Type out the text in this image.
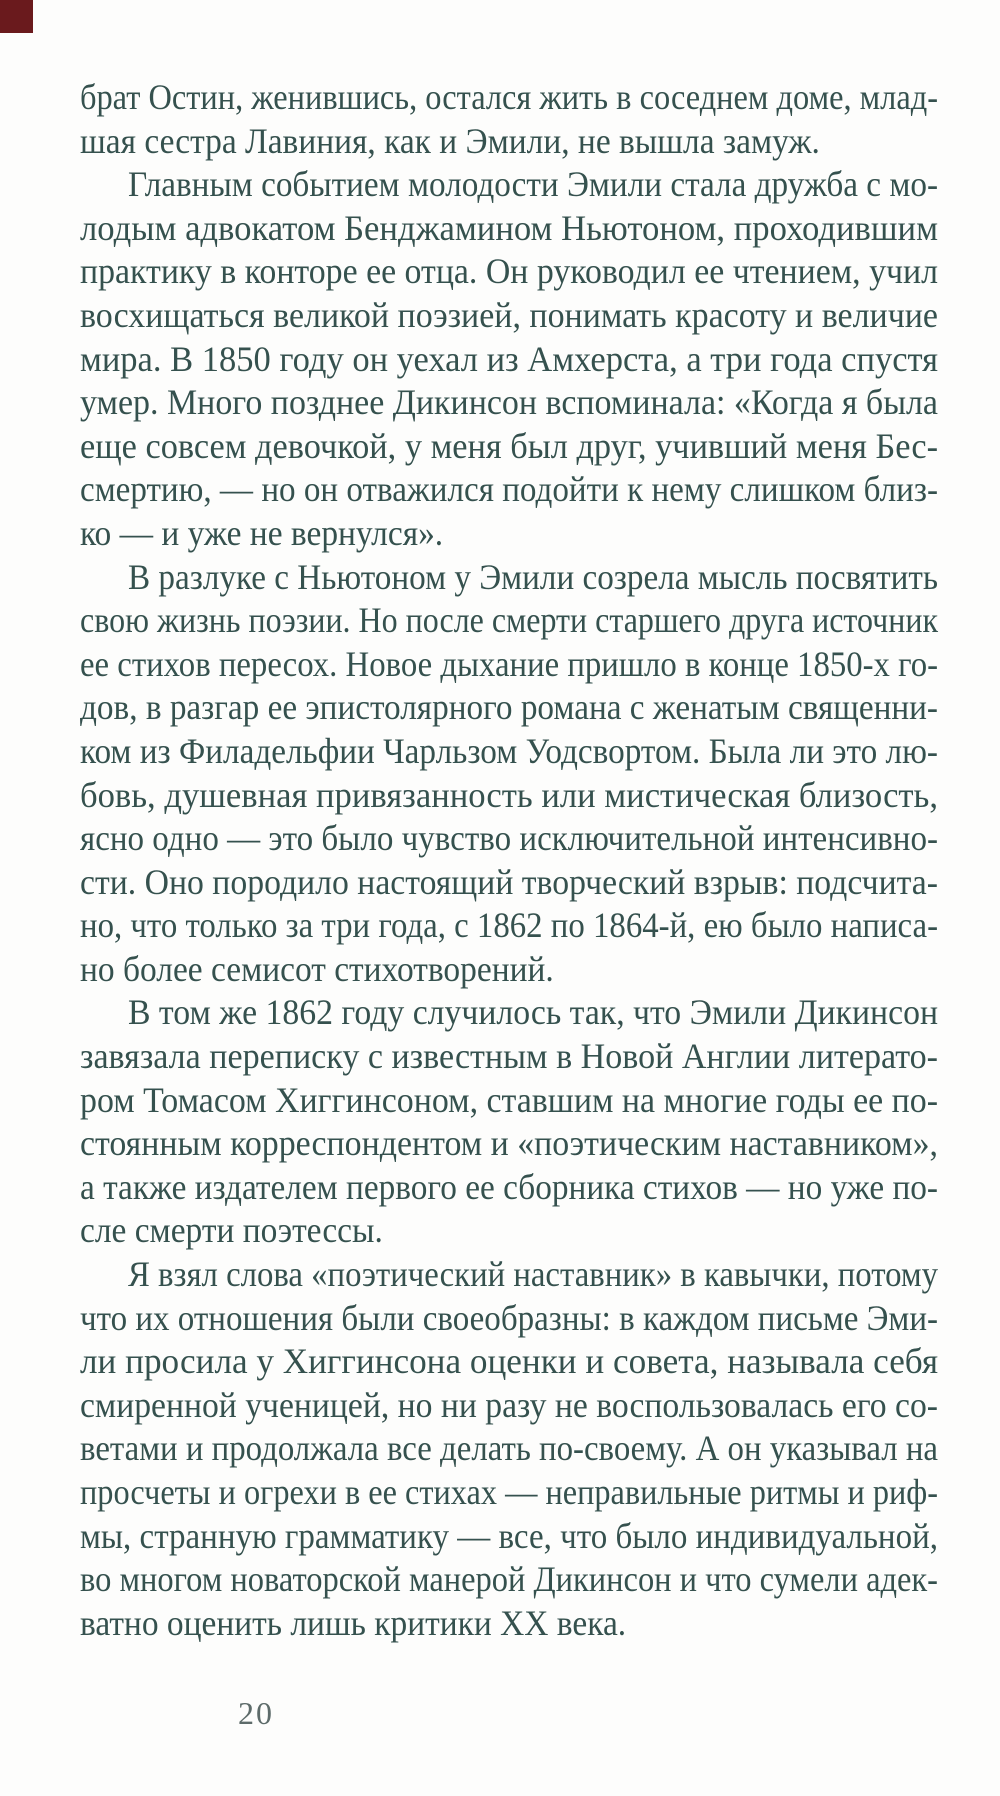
брат Остин, женившись, остался жить в соседнем доме, млад-
шая сестра Лавиния, как и Эмили, не вышла замуж.
Главным событием молодости Эмили стала дружба с мо-
лодым адвокатом Бенджамином Ньютоном, проходившим
практику в конторе ее отца. Он руководил ее чтением, учил
восхищаться великой поэзией, понимать красоту и величие
мира. В 1850 году он уехал из Амхерста, а три года спустя
умер. Много позднее Дикинсон вспоминала: «Когда я была
еще совсем девочкой, у меня был друг, учивший меня Бес-
смертию, — но он отважился подойти к нему слишком близ-
ко — и уже не вернулся».
В разлуке с Ньютоном у Эмили созрела мысль посвятить
свою жизнь поэзии. Но после смерти старшего друга источник
ее стихов пересох. Новое дыхание пришло в конце 1850-х го-
дов, в разгар ее эпистолярного романа с женатым священни-
ком из Филадельфии Чарльзом Уодсвортом. Была ли это лю-
бовь, душевная привязанность или мистическая близость,
ясно одно — это было чувство исключительной интенсивно-
сти. Оно породило настоящий творческий взрыв: подсчита-
но, что только за три года, с 1862 по 1864-й, ею было написа-
но более семисот стихотворений.
В том же 1862 году случилось так, что Эмили Дикинсон
завязала переписку с известным в Новой Англии литерато-
ром Томасом Хиггинсоном, ставшим на многие годы ее по-
стоянным корреспондентом и «поэтическим наставником»,
а также издателем первого ее сборника стихов — но уже по-
сле смерти поэтессы.
Я взял слова «поэтический наставник» в кавычки, потому
что их отношения были своеобразны: в каждом письме Эми-
ли просила у Хиггинсона оценки и совета, называла себя
смиренной ученицей, но ни разу не воспользовалась его со-
ветами и продолжала все делать по-своему. А он указывал на
просчеты и огрехи в ее стихах — неправильные ритмы и риф-
мы, странную грамматику — все, что было индивидуальной,
во многом новаторской манерой Дикинсон и что сумели адек-
ватно оценить лишь критики XX века.
20
